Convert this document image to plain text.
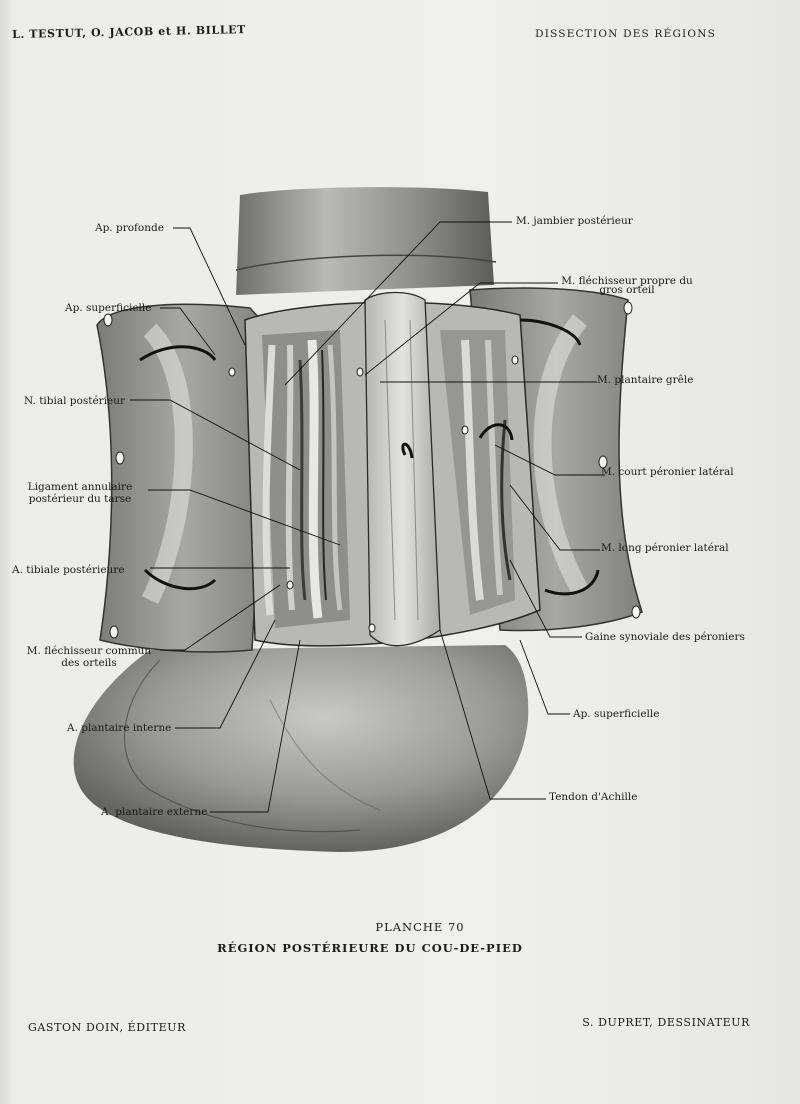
L. TESTUT, O. JACOB et H. BILLET	DISSECTION DES RÉGIONS
Ap. profonde
Ap. superficielle
N. tibial postérieur
Ligament annulaire
postérieur du tarse
A. tibiale postérieure
M. fléchisseur commun
des orteils
A. plantaire interne
A. plantaire externe
M. jambier postérieur
M. fléchisseur propre du
gros orteil
M. plantaire grêle
M. court péronier latéral
M. long péronier latéral
Gaine synoviale des péroniers
Ap. superficielle
Tendon d'Achille
PLANCHE 70
RÉGION POSTÉRIEURE DU COU-DE-PIED
GASTON DOIN, ÉDITEUR	S. DUPRET, DESSINATEUR
